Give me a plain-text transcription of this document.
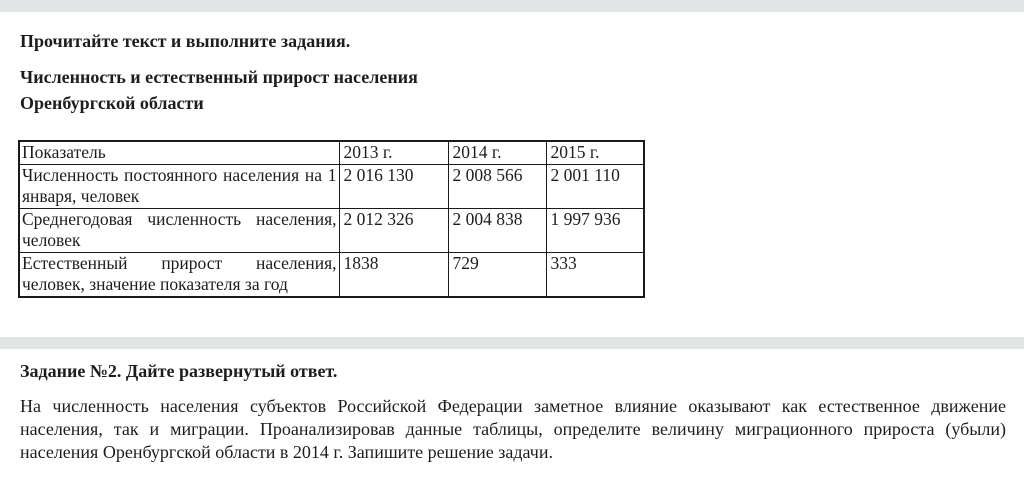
Прочитайте текст и выполните задания.
Численность и естественный прирост населения
Оренбургской области
Показатель	2013 г.	2014 г.	2015 г.
Численность постоянного населения на 1 января, человек	2 016 130	2 008 566	2 001 110
Среднегодовая численность населения, человек	2 012 326	2 004 838	1 997 936
Естественный прирост населения, человек, значение показателя за год	1838	729	333
Задание №2. Дайте развернутый ответ.
На численность населения субъектов Российской Федерации заметное влияние оказывают как естественное движение населения, так и миграции. Проанализировав данные таблицы, определите величину миграционного прироста (убыли) населения Оренбургской области в 2014 г. Запишите решение задачи.
